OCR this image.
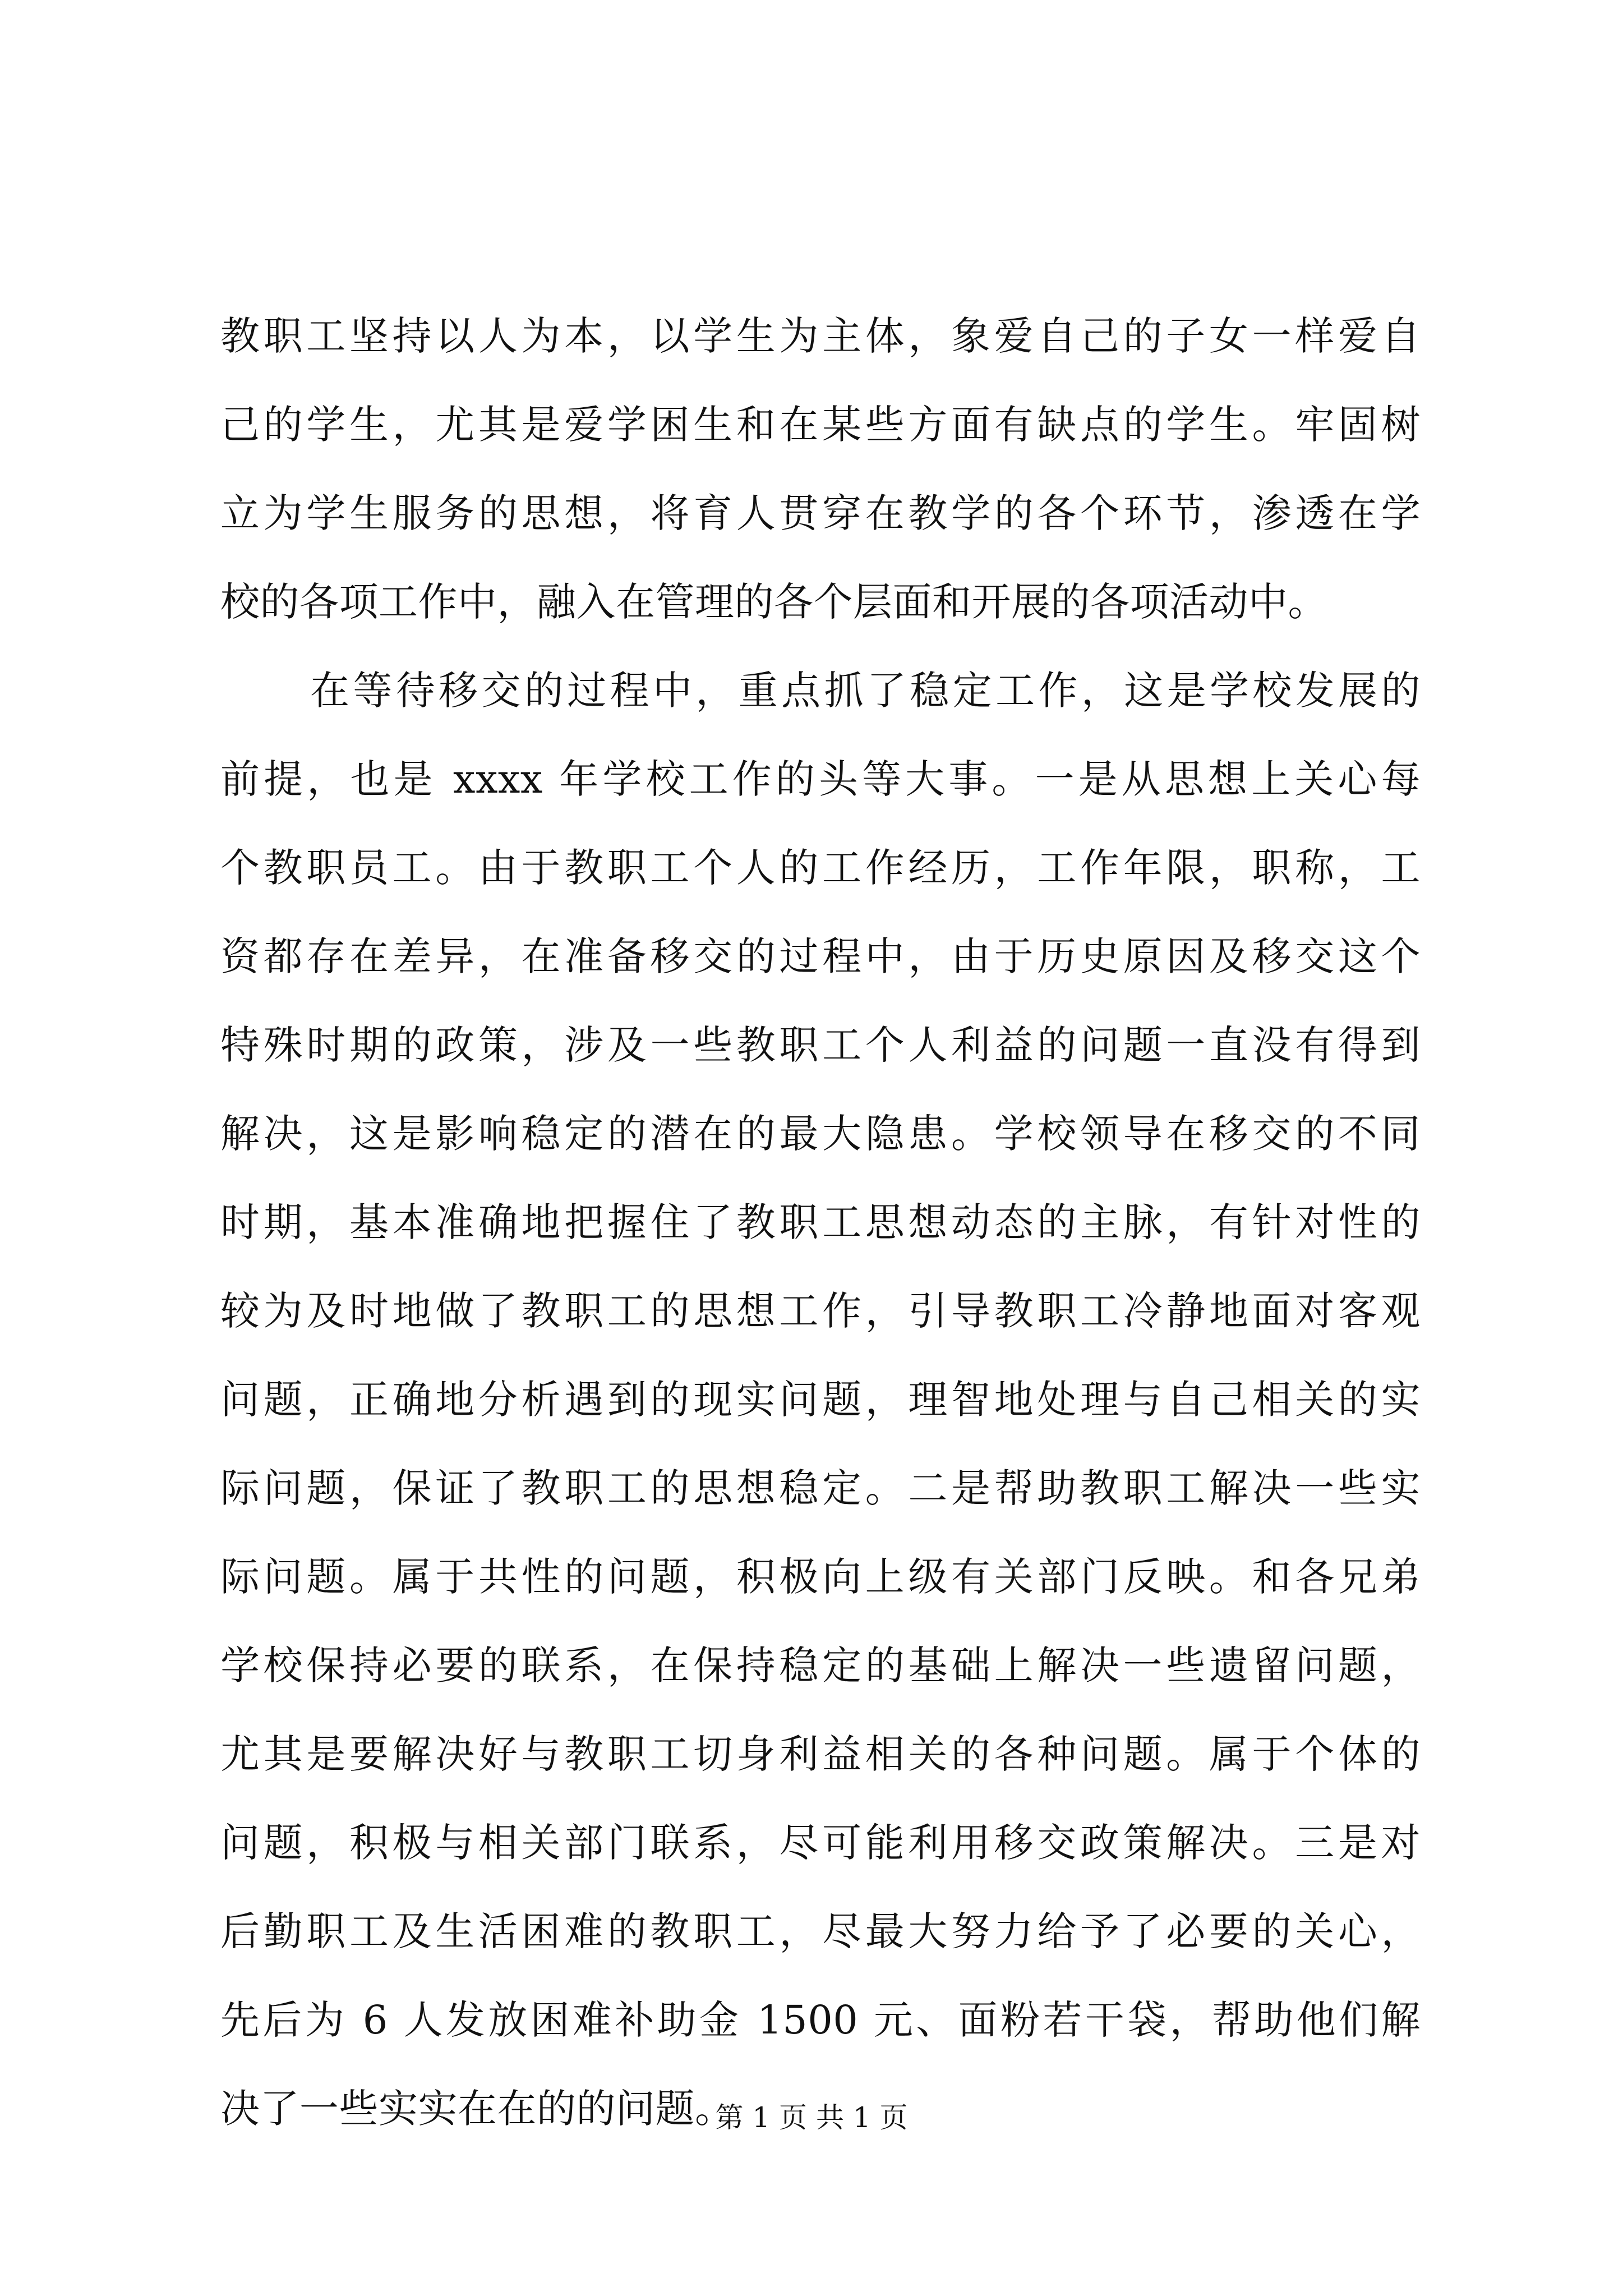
教职工坚持以人为本，以学生为主体，象爱自己的子女一样爱自
己的学生，尤其是爱学困生和在某些方面有缺点的学生。牢固树
立为学生服务的思想，将育人贯穿在教学的各个环节，渗透在学
校的各项工作中，融入在管理的各个层面和开展的各项活动中。
在等待移交的过程中，重点抓了稳定工作，这是学校发展的
前提，也是 xxxx 年学校工作的头等大事。一是从思想上关心每
个教职员工。由于教职工个人的工作经历，工作年限，职称，工
资都存在差异，在准备移交的过程中，由于历史原因及移交这个
特殊时期的政策，涉及一些教职工个人利益的问题一直没有得到
解决，这是影响稳定的潜在的最大隐患。学校领导在移交的不同
时期，基本准确地把握住了教职工思想动态的主脉，有针对性的
较为及时地做了教职工的思想工作，引导教职工冷静地面对客观
问题，正确地分析遇到的现实问题，理智地处理与自己相关的实
际问题，保证了教职工的思想稳定。二是帮助教职工解决一些实
际问题。属于共性的问题，积极向上级有关部门反映。和各兄弟
学校保持必要的联系，在保持稳定的基础上解决一些遗留问题，
尤其是要解决好与教职工切身利益相关的各种问题。属于个体的
问题，积极与相关部门联系，尽可能利用移交政策解决。三是对
后勤职工及生活困难的教职工，尽最大努力给予了必要的关心，
先后为 6 人发放困难补助金 1500 元、面粉若干袋，帮助他们解
决了一些实实在在的的问题。
第 1 页 共 1 页
